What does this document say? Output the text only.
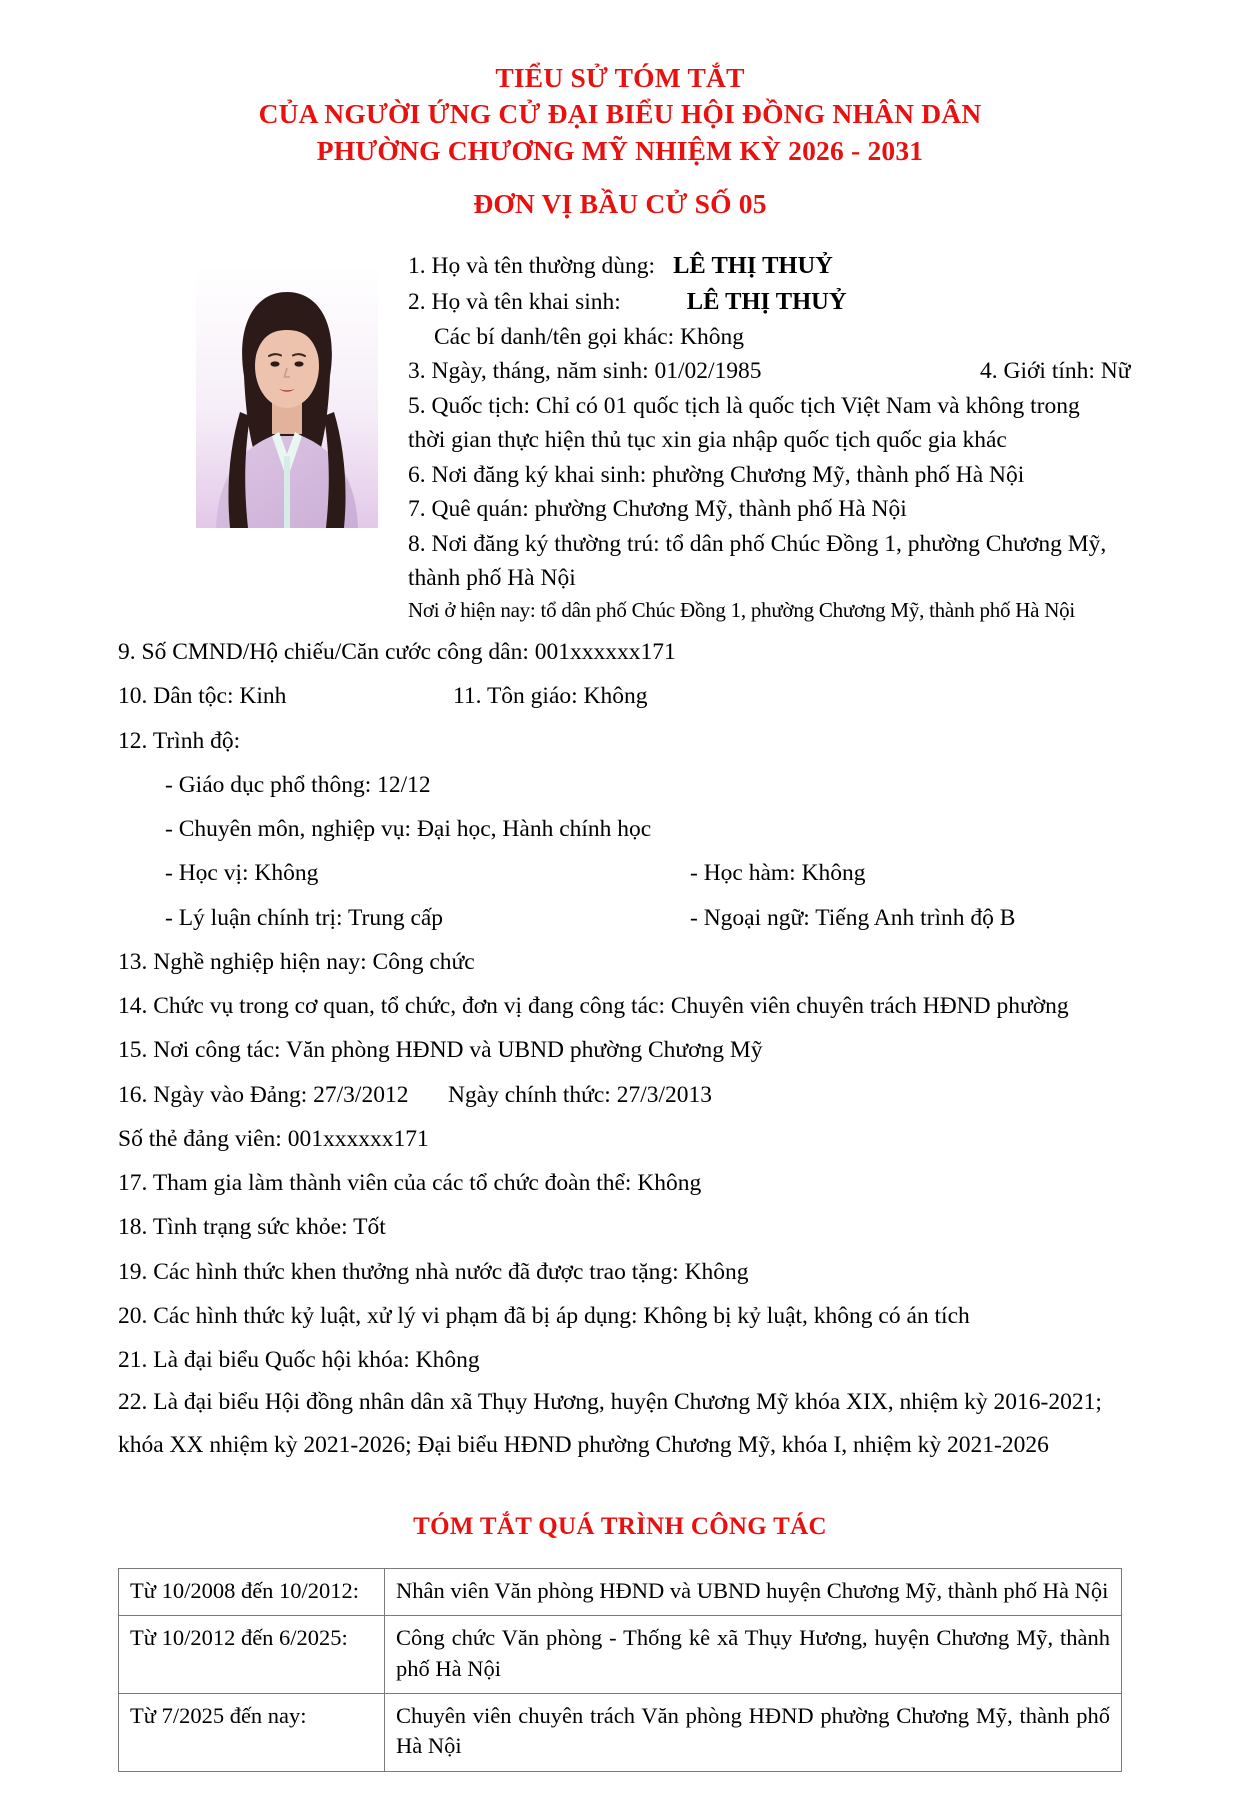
TIỂU SỬ TÓM TẮT
CỦA NGƯỜI ỨNG CỬ ĐẠI BIỂU HỘI ĐỒNG NHÂN DÂN
PHƯỜNG CHƯƠNG MỸ NHIỆM KỲ 2026 - 2031
ĐƠN VỊ BẦU CỬ SỐ 05
1. Họ và tên thường dùng: LÊ THỊ THUỶ
2. Họ và tên khai sinh:	LÊ THỊ THUỶ
Các bí danh/tên gọi khác: Không
3. Ngày, tháng, năm sinh: 01/02/1985	4. Giới tính: Nữ
5. Quốc tịch: Chỉ có 01 quốc tịch là quốc tịch Việt Nam và không trong
thời gian thực hiện thủ tục xin gia nhập quốc tịch quốc gia khác
6. Nơi đăng ký khai sinh: phường Chương Mỹ, thành phố Hà Nội
7. Quê quán: phường Chương Mỹ, thành phố Hà Nội
8. Nơi đăng ký thường trú: tổ dân phố Chúc Đồng 1, phường Chương Mỹ,
thành phố Hà Nội
Nơi ở hiện nay: tổ dân phố Chúc Đồng 1, phường Chương Mỹ, thành phố Hà Nội
9. Số CMND/Hộ chiếu/Căn cước công dân: 001xxxxxx171
10. Dân tộc: Kinh	11. Tôn giáo: Không
12. Trình độ:
- Giáo dục phổ thông: 12/12
- Chuyên môn, nghiệp vụ: Đại học, Hành chính học
- Học vị: Không	- Học hàm: Không
- Lý luận chính trị: Trung cấp	- Ngoại ngữ: Tiếng Anh trình độ B
13. Nghề nghiệp hiện nay: Công chức
14. Chức vụ trong cơ quan, tổ chức, đơn vị đang công tác: Chuyên viên chuyên trách HĐND phường
15. Nơi công tác: Văn phòng HĐND và UBND phường Chương Mỹ
16. Ngày vào Đảng: 27/3/2012 Ngày chính thức: 27/3/2013
Số thẻ đảng viên: 001xxxxxx171
17. Tham gia làm thành viên của các tổ chức đoàn thể: Không
18. Tình trạng sức khỏe: Tốt
19. Các hình thức khen thưởng nhà nước đã được trao tặng: Không
20. Các hình thức kỷ luật, xử lý vi phạm đã bị áp dụng: Không bị kỷ luật, không có án tích
21. Là đại biểu Quốc hội khóa: Không
22. Là đại biểu Hội đồng nhân dân xã Thụy Hương, huyện Chương Mỹ khóa XIX, nhiệm kỳ 2016-2021;
khóa XX nhiệm kỳ 2021-2026; Đại biểu HĐND phường Chương Mỹ, khóa I, nhiệm kỳ 2021-2026
TÓM TẮT QUÁ TRÌNH CÔNG TÁC
Từ 10/2008 đến 10/2012:	Nhân viên Văn phòng HĐND và UBND huyện Chương Mỹ, thành phố Hà Nội
Từ 10/2012 đến 6/2025:	Công chức Văn phòng - Thống kê xã Thụy Hương, huyện Chương Mỹ, thành phố Hà Nội
Từ 7/2025 đến nay:	Chuyên viên chuyên trách Văn phòng HĐND phường Chương Mỹ, thành phố Hà Nội
